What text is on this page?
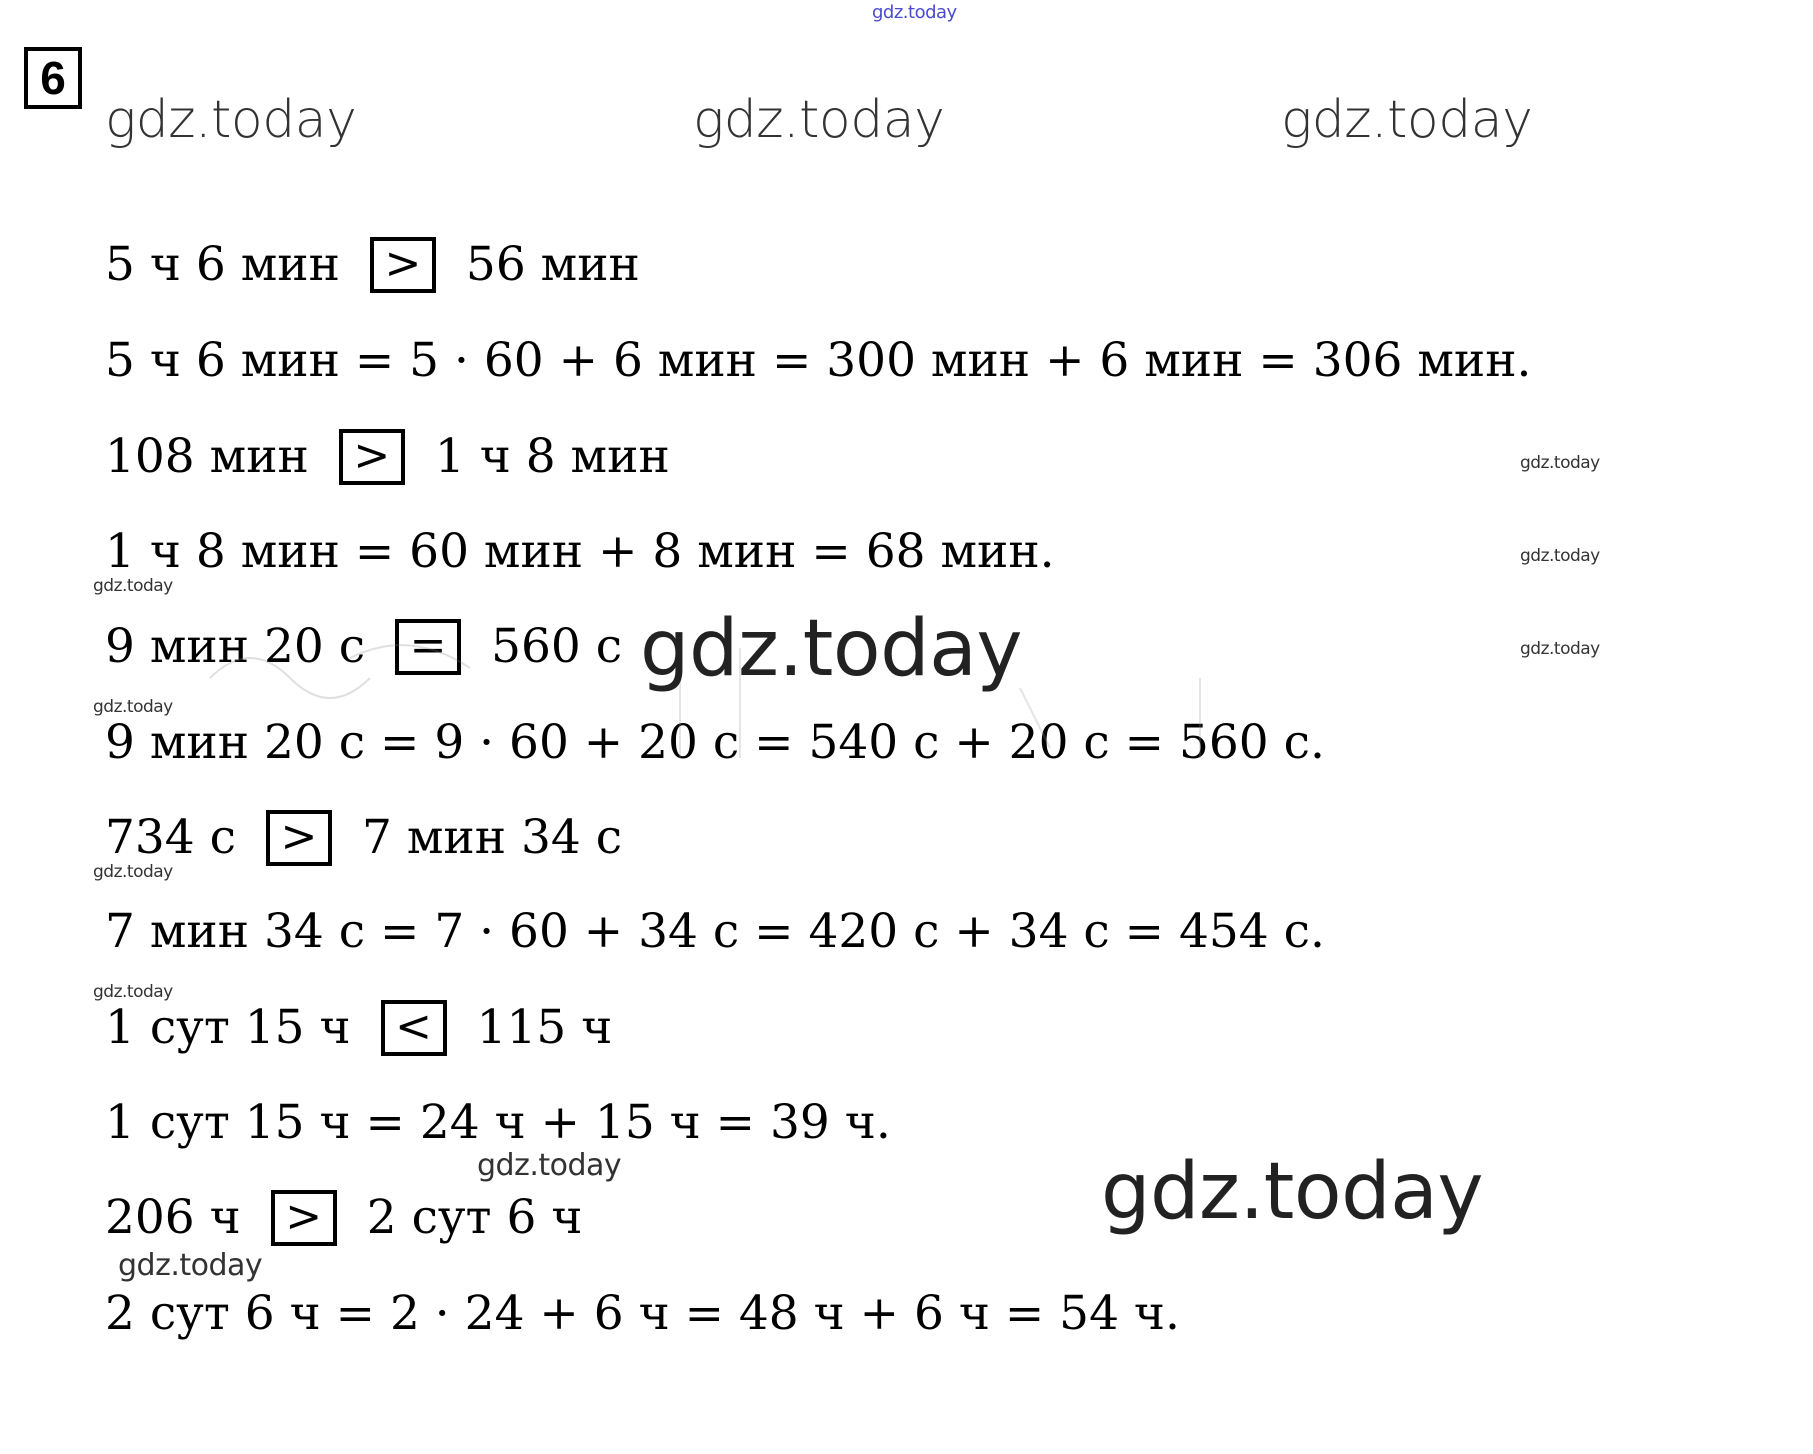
6
gdz.today
gdz.today	gdz.today	gdz.today
gdz.today
gdz.today
gdz.today
gdz.today
gdz.today
gdz.today
gdz.today
5 ч 6 мин	> 56 мин
5 ч 6 мин = 5 · 60 + 6 мин = 300 мин + 6 мин = 306 мин.
108 мин	> 1 ч 8 мин
1 ч 8 мин = 60 мин + 8 мин = 68 мин.
9 мин 20 с	= 560 с
9 мин 20 с = 9 · 60 + 20 с = 540 с + 20 с = 560 с.
734 с	> 7 мин 34 с
7 мин 34 с = 7 · 60 + 34 с = 420 с + 34 с = 454 с.
1 сут 15 ч	< 115 ч
1 сут 15 ч = 24 ч + 15 ч = 39 ч.
206 ч	> 2 сут 6 ч
2 сут 6 ч = 2 · 24 + 6 ч = 48 ч + 6 ч = 54 ч.
gdz.today
gdz.today	gdz.today
gdz.today
